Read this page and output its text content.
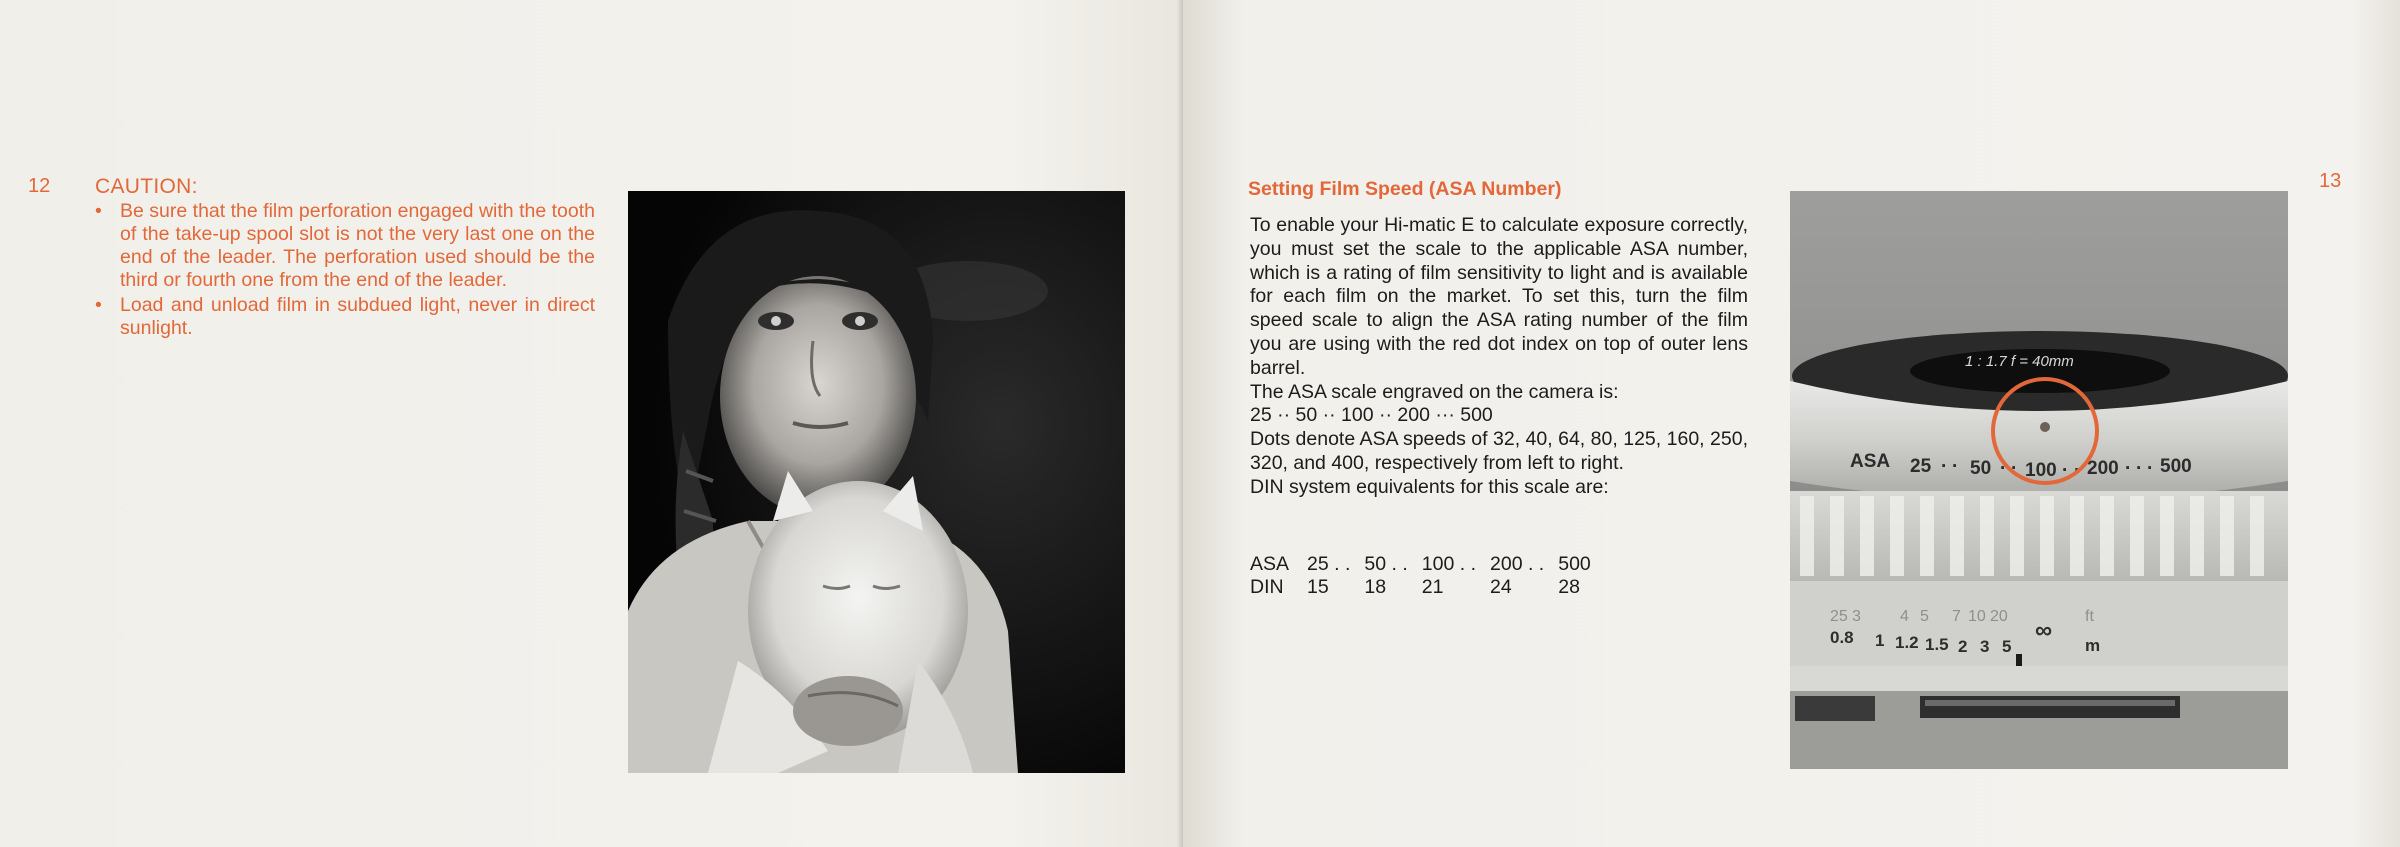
12 CAUTION:
• Be sure that the film perforation engaged with the tooth of the take-up spool slot is not the very last one on the end of the leader. The perforation used should be the third or fourth one from the end of the leader.
• Load and unload film in subdued light, never in direct sunlight.
13
Setting Film Speed (ASA Number)

To enable your Hi-matic E to calculate exposure correctly, you must set the scale to the applicable ASA number, which is a rating of film sensitivity to light and is available for each film on the market. To set this, turn the film speed scale to align the ASA rating number of the film you are using with the red dot index on top of outer lens barrel.

The ASA scale engraved on the camera is:

25 ·· 50 ·· 100 ·· 200 ··· 500

Dots denote ASA speeds of 32, 40, 64, 80, 125, 160, 250, 320, and 400, respectively from left to right.

DIN system equivalents for this scale are:

ASA	25 . .	50 . .	100 . .	200 . .	500
DIN	15	18	21	24	28
1 : 1.7 f = 40mm
ASA 25 · · 50 · · 100 · · 200 · · · 500
25 3 4 5 7 10 20	ft
0.8 1 1.2 1.5 2 3 5
∞
m
